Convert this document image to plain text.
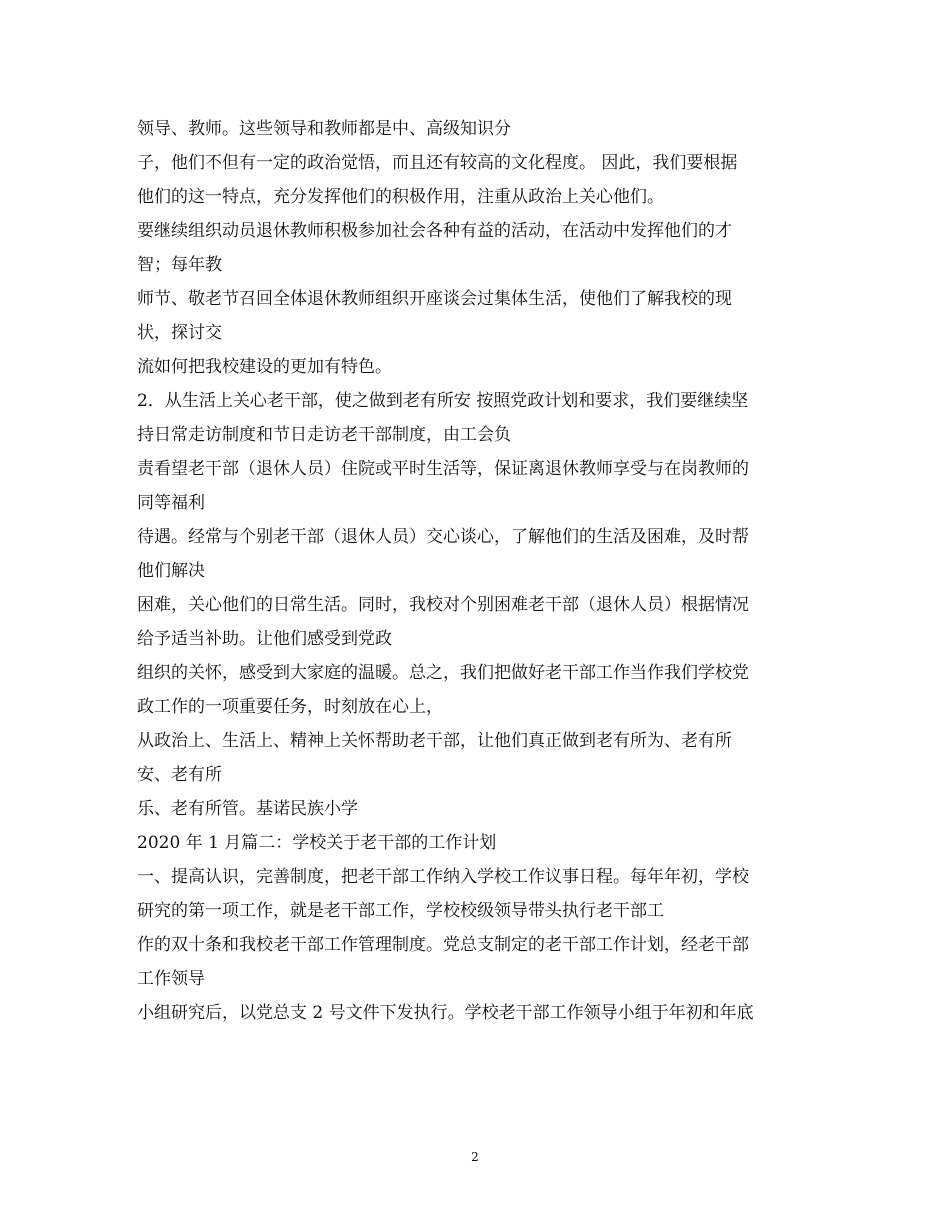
领导、教师。这些领导和教师都是中、高级知识分
子，他们不但有一定的政治觉悟，而且还有较高的文化程度。 因此，我们要根据
他们的这一特点，充分发挥他们的积极作用，注重从政治上关心他们。
要继续组织动员退休教师积极参加社会各种有益的活动，在活动中发挥他们的才
智；每年教
师节、敬老节召回全体退休教师组织开座谈会过集体生活，使他们了解我校的现
状，探讨交
流如何把我校建设的更加有特色。
2．从生活上关心老干部，使之做到老有所安 按照党政计划和要求，我们要继续坚
持日常走访制度和节日走访老干部制度，由工会负
责看望老干部（退休人员）住院或平时生活等，保证离退休教师享受与在岗教师的
同等福利
待遇。经常与个别老干部（退休人员）交心谈心，了解他们的生活及困难，及时帮
他们解决
困难，关心他们的日常生活。同时，我校对个别困难老干部（退休人员）根据情况
给予适当补助。让他们感受到党政
组织的关怀，感受到大家庭的温暖。总之，我们把做好老干部工作当作我们学校党
政工作的一项重要任务，时刻放在心上，
从政治上、生活上、精神上关怀帮助老干部，让他们真正做到老有所为、老有所
安、老有所
乐、老有所管。基诺民族小学
2020 年 1 月篇二：学校关于老干部的工作计划
一、提高认识，完善制度，把老干部工作纳入学校工作议事日程。每年年初，学校
研究的第一项工作，就是老干部工作，学校校级领导带头执行老干部工
作的双十条和我校老干部工作管理制度。党总支制定的老干部工作计划，经老干部
工作领导
小组研究后，以党总支 2 号文件下发执行。学校老干部工作领导小组于年初和年底
2
